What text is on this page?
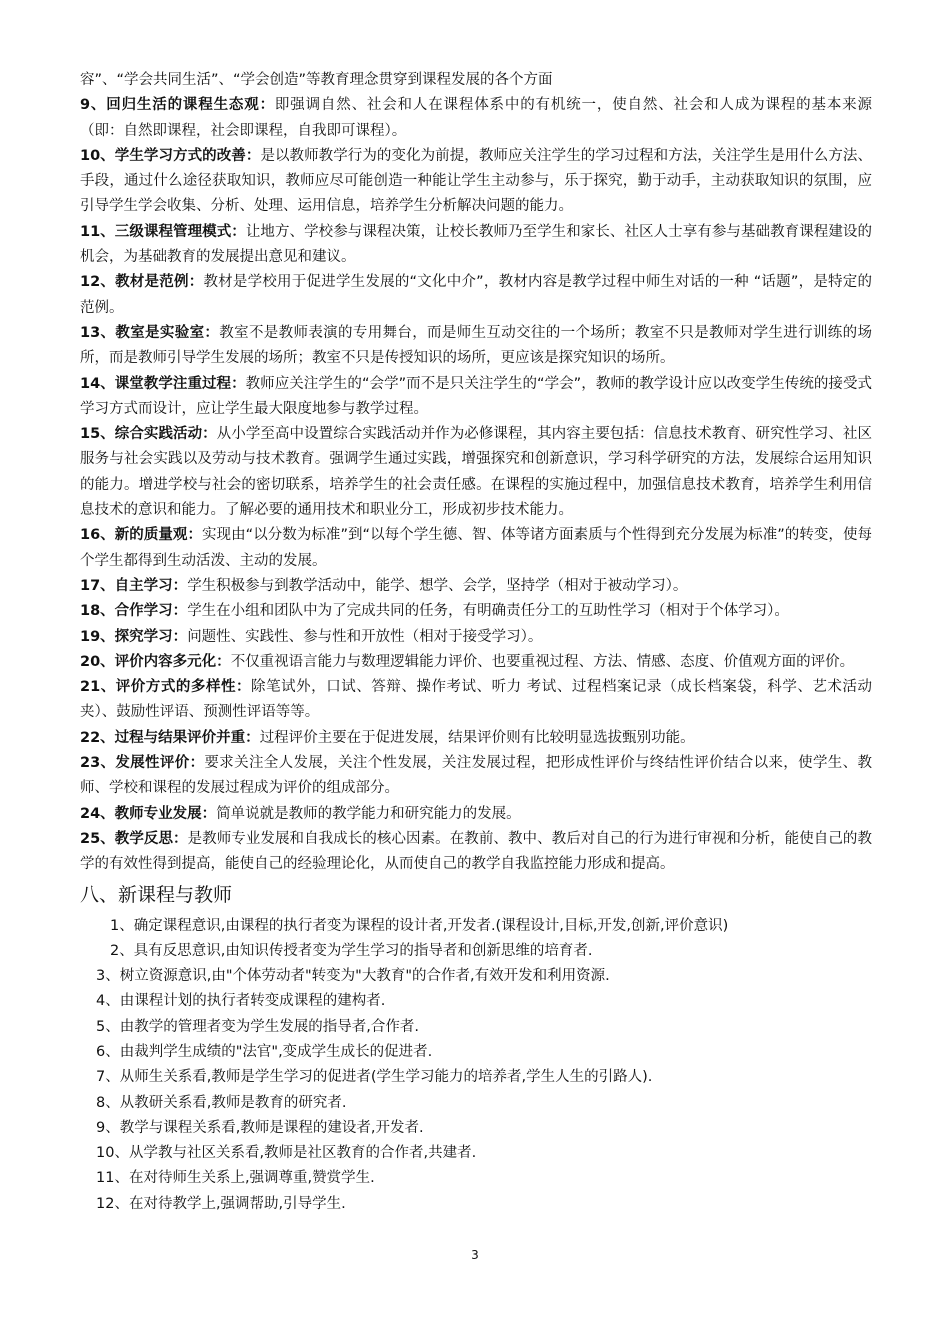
容”、“学会共同生活”、“学会创造”等教育理念贯穿到课程发展的各个方面

9、回归生活的课程生态观：即强调自然、社会和人在课程体系中的有机统一，使自然、社会和人成为课程的基本来源（即：自然即课程，社会即课程，自我即可课程）。

10、学生学习方式的改善：是以教师教学行为的变化为前提，教师应关注学生的学习过程和方法，关注学生是用什么方法、手段，通过什么途径获取知识，教师应尽可能创造一种能让学生主动参与，乐于探究，勤于动手，主动获取知识的氛围，应引导学生学会收集、分析、处理、运用信息，培养学生分析解决问题的能力。

11、三级课程管理模式：让地方、学校参与课程决策，让校长教师乃至学生和家长、社区人士享有参与基础教育课程建设的机会，为基础教育的发展提出意见和建议。

12、教材是范例：教材是学校用于促进学生发展的“文化中介”，教材内容是教学过程中师生对话的一种 “话题”，是特定的范例。

13、教室是实验室：教室不是教师表演的专用舞台，而是师生互动交往的一个场所；教室不只是教师对学生进行训练的场所，而是教师引导学生发展的场所；教室不只是传授知识的场所，更应该是探究知识的场所。

14、课堂教学注重过程：教师应关注学生的“会学”而不是只关注学生的“学会”，教师的教学设计应以改变学生传统的接受式学习方式而设计，应让学生最大限度地参与教学过程。

15、综合实践活动：从小学至高中设置综合实践活动并作为必修课程，其内容主要包括：信息技术教育、研究性学习、社区服务与社会实践以及劳动与技术教育。强调学生通过实践，增强探究和创新意识，学习科学研究的方法，发展综合运用知识的能力。增进学校与社会的密切联系，培养学生的社会责任感。在课程的实施过程中，加强信息技术教育，培养学生利用信息技术的意识和能力。了解必要的通用技术和职业分工，形成初步技术能力。

16、新的质量观：实现由“以分数为标准”到“以每个学生德、智、体等诸方面素质与个性得到充分发展为标准”的转变，使每个学生都得到生动活泼、主动的发展。

17、自主学习：学生积极参与到教学活动中，能学、想学、会学，坚持学（相对于被动学习）。

18、合作学习：学生在小组和团队中为了完成共同的任务，有明确责任分工的互助性学习（相对于个体学习）。

19、探究学习：问题性、实践性、参与性和开放性（相对于接受学习）。

20、评价内容多元化：不仅重视语言能力与数理逻辑能力评价、也要重视过程、方法、情感、态度、价值观方面的评价。

21、评价方式的多样性：除笔试外，口试、答辩、操作考试、听力 考试、过程档案记录（成长档案袋，科学、艺术活动夹）、鼓励性评语、预测性评语等等。

22、过程与结果评价并重：过程评价主要在于促进发展，结果评价则有比较明显选拔甄别功能。

23、发展性评价：要求关注全人发展，关注个性发展，关注发展过程，把形成性评价与终结性评价结合以来，使学生、教师、学校和课程的发展过程成为评价的组成部分。

24、教师专业发展：简单说就是教师的教学能力和研究能力的发展。

25、教学反思：是教师专业发展和自我成长的核心因素。在教前、教中、教后对自己的行为进行审视和分析，能使自己的教学的有效性得到提高，能使自己的经验理论化，从而使自己的教学自我监控能力形成和提高。

八、新课程与教师

1、确定课程意识,由课程的执行者变为课程的设计者,开发者.(课程设计,目标,开发,创新,评价意识)

2、具有反思意识,由知识传授者变为学生学习的指导者和创新思维的培育者.

3、树立资源意识,由"个体劳动者"转变为"大教育"的合作者,有效开发和利用资源.

4、由课程计划的执行者转变成课程的建构者.

5、由教学的管理者变为学生发展的指导者,合作者.

6、由裁判学生成绩的"法官",变成学生成长的促进者.

7、从师生关系看,教师是学生学习的促进者(学生学习能力的培养者,学生人生的引路人).

8、从教研关系看,教师是教育的研究者.

9、教学与课程关系看,教师是课程的建设者,开发者.

10、从学教与社区关系看,教师是社区教育的合作者,共建者.

11、在对待师生关系上,强调尊重,赞赏学生.

12、在对待教学上,强调帮助,引导学生.

3
